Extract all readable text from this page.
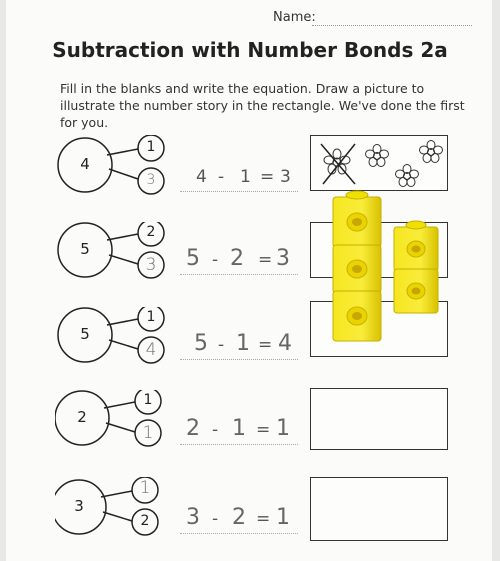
Name:
Subtraction with Number Bonds 2a
Fill in the blanks and write the equation. Draw a picture to illustrate the number story in the rectangle. We've done the first for you.
4
1
3	4 - 1 = 3
5
2
3	5 - 2 = 3
5
1
4	5 - 1 = 4
2
1
1	2 - 1 = 1
3
1
2	3 - 2 = 1
